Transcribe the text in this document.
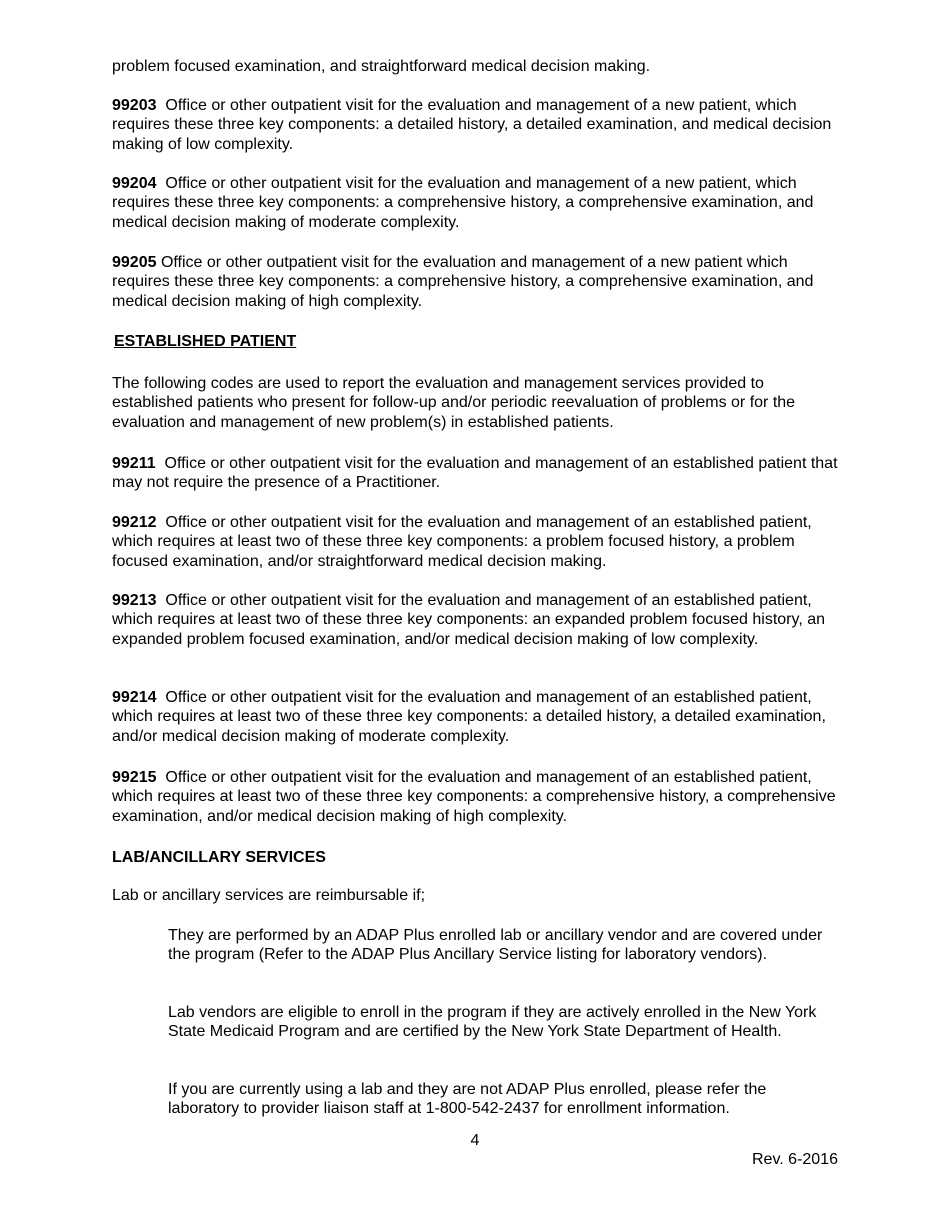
problem focused examination, and straightforward medical decision making.

99203 Office or other outpatient visit for the evaluation and management of a new patient, which requires these three key components: a detailed history, a detailed examination, and medical decision making of low complexity.

99204 Office or other outpatient visit for the evaluation and management of a new patient, which requires these three key components: a comprehensive history, a comprehensive examination, and medical decision making of moderate complexity.

99205 Office or other outpatient visit for the evaluation and management of a new patient which requires these three key components: a comprehensive history, a comprehensive examination, and medical decision making of high complexity.

ESTABLISHED PATIENT

The following codes are used to report the evaluation and management services provided to established patients who present for follow-up and/or periodic reevaluation of problems or for the evaluation and management of new problem(s) in established patients.

99211 Office or other outpatient visit for the evaluation and management of an established patient that may not require the presence of a Practitioner.

99212 Office or other outpatient visit for the evaluation and management of an established patient, which requires at least two of these three key components: a problem focused history, a problem focused examination, and/or straightforward medical decision making.

99213 Office or other outpatient visit for the evaluation and management of an established patient, which requires at least two of these three key components: an expanded problem focused history, an expanded problem focused examination, and/or medical decision making of low complexity.

99214 Office or other outpatient visit for the evaluation and management of an established patient, which requires at least two of these three key components: a detailed history, a detailed examination, and/or medical decision making of moderate complexity.

99215 Office or other outpatient visit for the evaluation and management of an established patient, which requires at least two of these three key components: a comprehensive history, a comprehensive examination, and/or medical decision making of high complexity.

LAB/ANCILLARY SERVICES

Lab or ancillary services are reimbursable if;

They are performed by an ADAP Plus enrolled lab or ancillary vendor and are covered under the program (Refer to the ADAP Plus Ancillary Service listing for laboratory vendors).

Lab vendors are eligible to enroll in the program if they are actively enrolled in the New York State Medicaid Program and are certified by the New York State Department of Health.

If you are currently using a lab and they are not ADAP Plus enrolled, please refer the laboratory to provider liaison staff at 1-800-542-2437 for enrollment information.

4
Rev. 6-2016
